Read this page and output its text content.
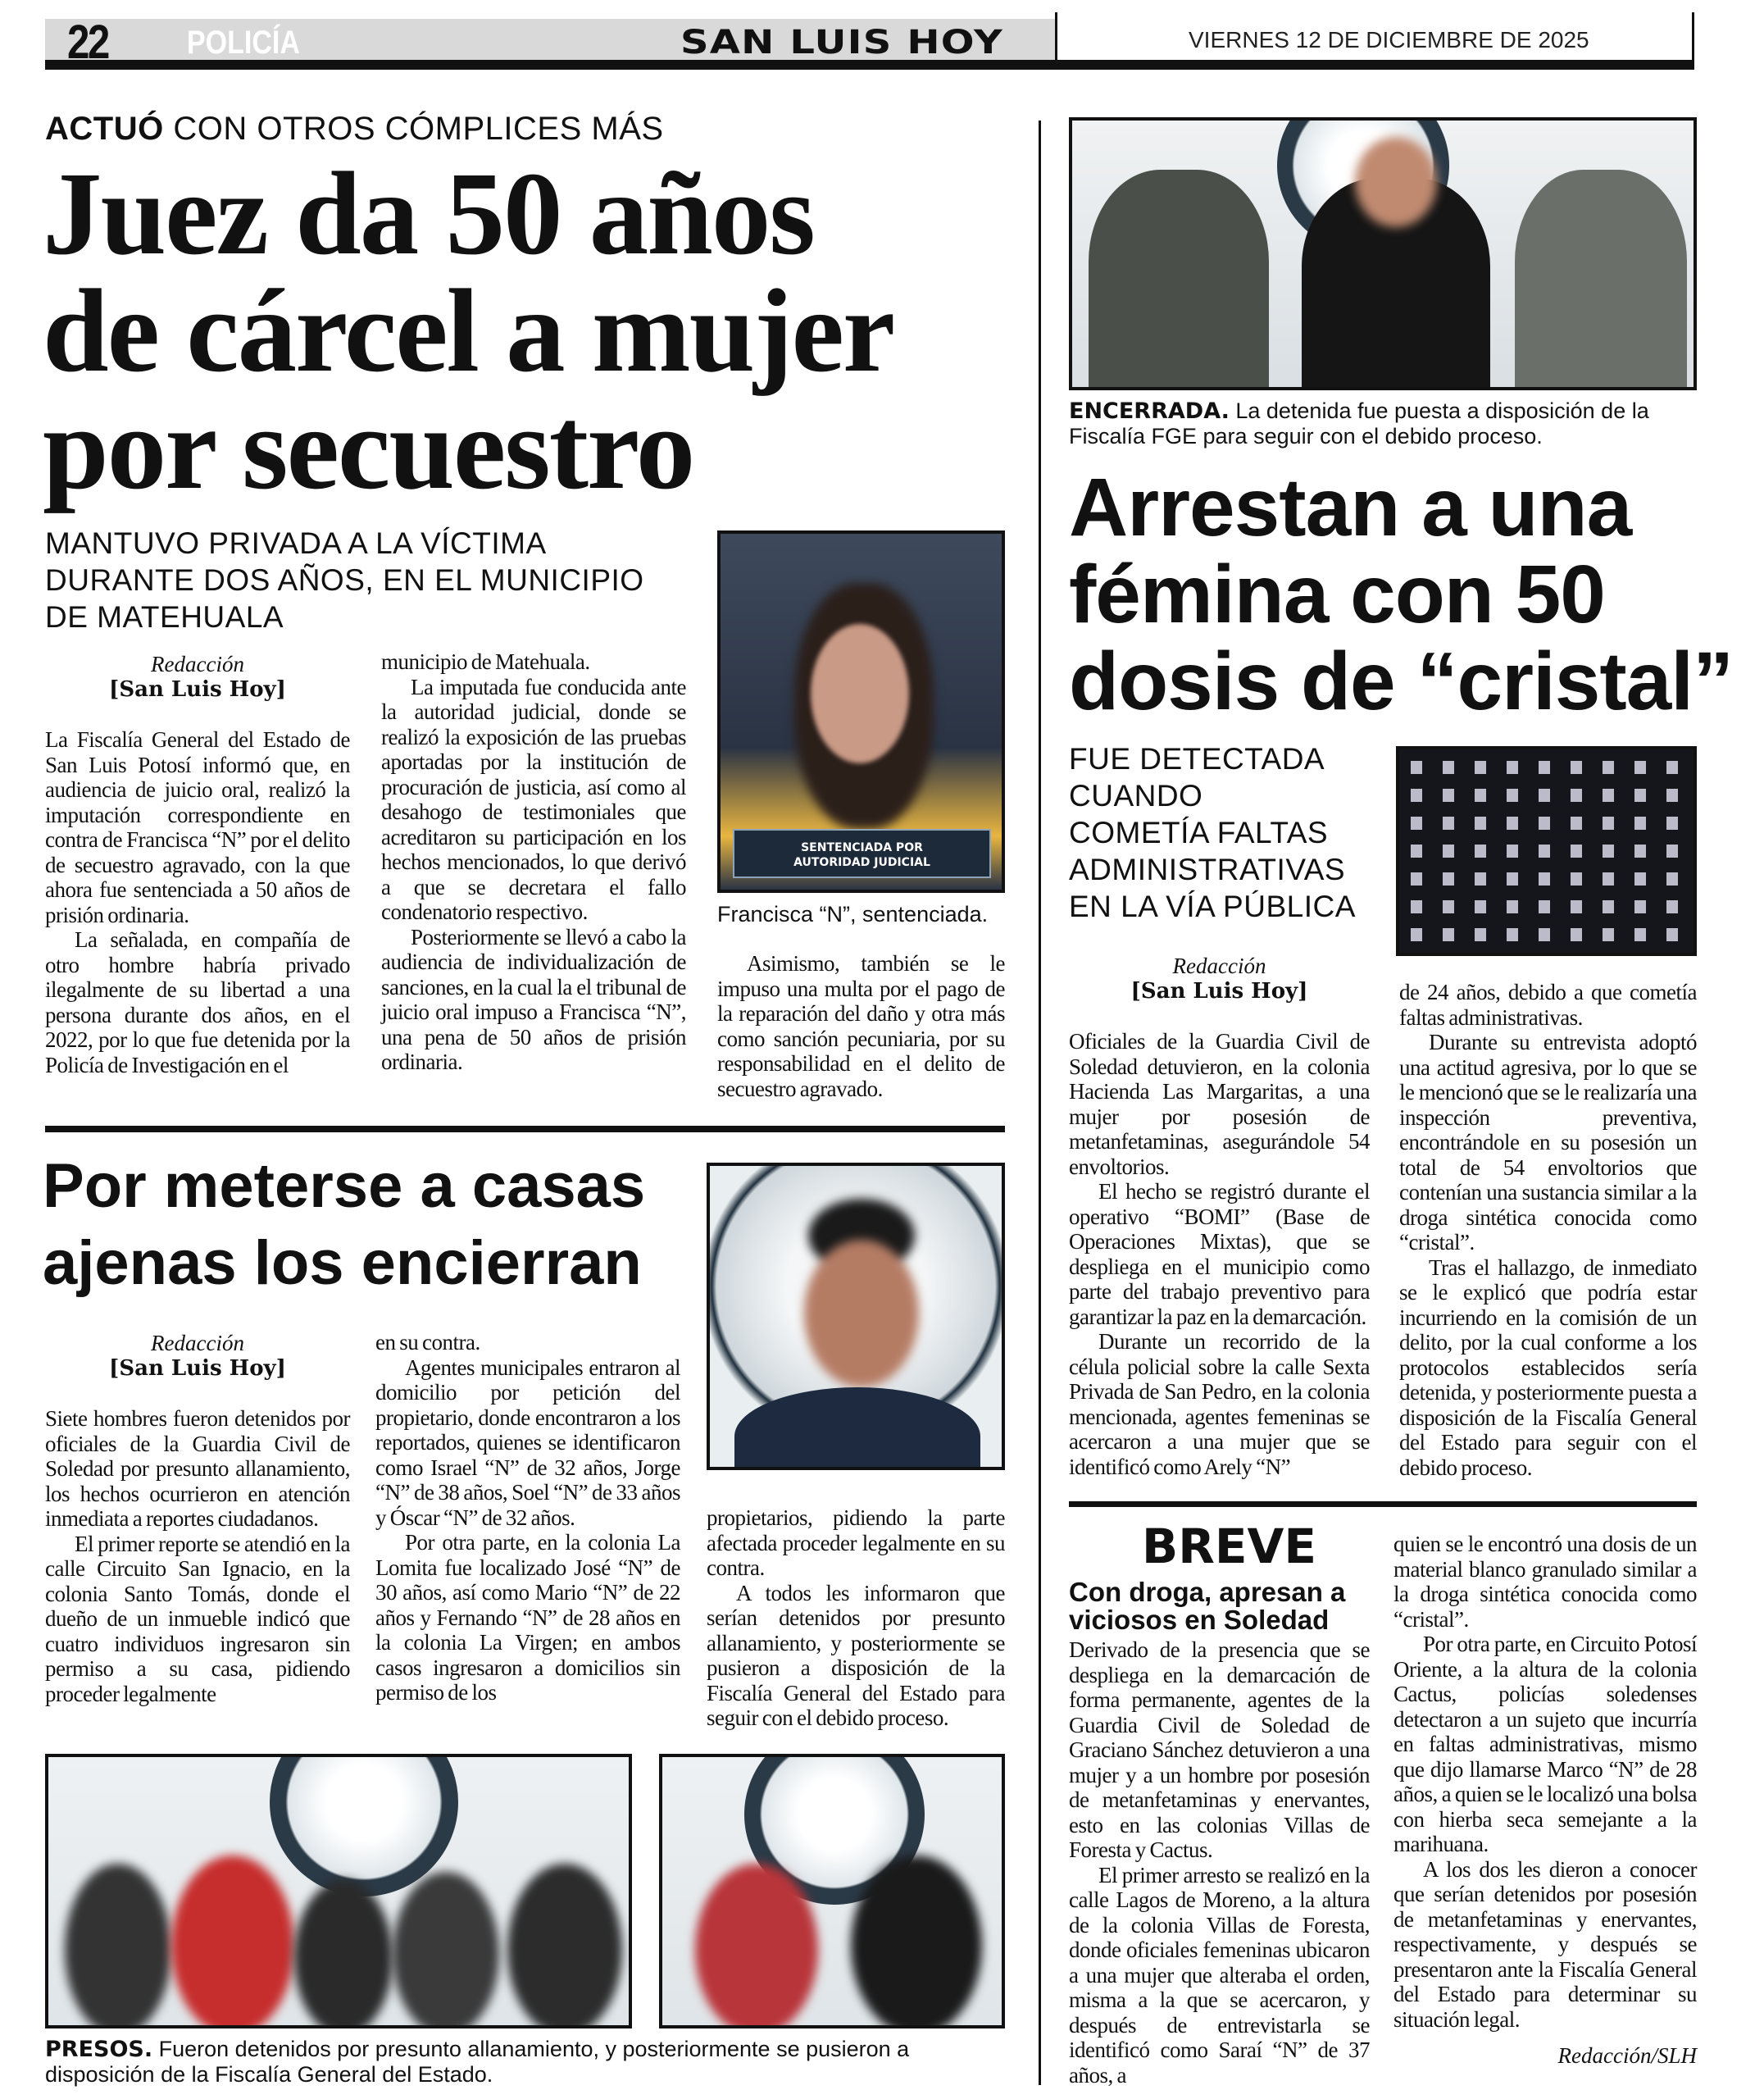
22 POLICÍA	SAN LUIS HOY	VIERNES 12 DE DICIEMBRE DE 2025
ACTUÓ CON OTROS CÓMPLICES MÁS
Juez da 50 años
de cárcel a mujer
por secuestro
MANTUVO PRIVADA A LA VÍCTIMA DURANTE DOS AÑOS, EN EL MUNICIPIO DE MATEHUALA
SENTENCIADA POR AUTORIDAD JUDICIAL
Francisca “N”, sentenciada.
Redacción
[San Luis Hoy]

La Fiscalía General del Estado de San Luis Potosí informó que, en audiencia de juicio oral, realizó la imputación correspondiente en contra de Francisca “N” por el delito de secuestro agravado, con la que ahora fue sentenciada a 50 años de prisión ordinaria.

La señalada, en compañía de otro hombre habría privado ilegalmente de su libertad a una persona durante dos años, en el 2022, por lo que fue detenida por la Policía de Investigación en el

municipio de Matehuala.

La imputada fue conducida ante la autoridad judicial, donde se realizó la exposición de las pruebas aportadas por la institución de procuración de justicia, así como al desahogo de testimoniales que acreditaron su participación en los hechos mencionados, lo que derivó a que se decretara el fallo condenatorio respectivo.

Posteriormente se llevó a cabo la audiencia de individualización de sanciones, en la cual la el tribunal de juicio oral impuso a Francisca “N”, una pena de 50 años de prisión ordinaria.

Asimismo, también se le impuso una multa por el pago de la reparación del daño y otra más como sanción pecuniaria, por su responsabilidad en el delito de secuestro agravado.

Por meterse a casas
ajenas los encierran
Redacción
[San Luis Hoy]

Siete hombres fueron detenidos por oficiales de la Guardia Civil de Soledad por presunto allanamiento, los hechos ocurrieron en atención inmediata a reportes ciudadanos.

El primer reporte se atendió en la calle Circuito San Ignacio, en la colonia Santo Tomás, donde el dueño de un inmueble indicó que cuatro individuos ingresaron sin permiso a su casa, pidiendo proceder legalmente

en su contra.

Agentes municipales entraron al domicilio por petición del propietario, donde encontraron a los reportados, quienes se identificaron como Israel “N” de 32 años, Jorge “N” de 38 años, Soel “N” de 33 años y Óscar “N” de 32 años.

Por otra parte, en la colonia La Lomita fue localizado José “N” de 30 años, así como Mario “N” de 22 años y Fernando “N” de 28 años en la colonia La Virgen; en ambos casos ingresaron a domicilios sin permiso de los

propietarios, pidiendo la parte afectada proceder legalmente en su contra.

A todos les informaron que serían detenidos por presunto allanamiento, y posteriormente se pusieron a disposición de la Fiscalía General del Estado para seguir con el debido proceso.

PRESOS. Fueron detenidos por presunto allanamiento, y posteriormente se pusieron a disposición de la Fiscalía General del Estado.
ENCERRADA. La detenida fue puesta a disposición de la Fiscalía FGE para seguir con el debido proceso.
Arrestan a una
fémina con 50
dosis de “cristal”
FUE DETECTADA
CUANDO
COMETÍA FALTAS
ADMINISTRATIVAS
EN LA VÍA PÚBLICA
Redacción
[San Luis Hoy]

Oficiales de la Guardia Civil de Soledad detuvieron, en la colonia Hacienda Las Margaritas, a una mujer por posesión de metanfetaminas, asegurándole 54 envoltorios.

El hecho se registró durante el operativo “BOMI” (Base de Operaciones Mixtas), que se despliega en el municipio como parte del trabajo preventivo para garantizar la paz en la demarcación.

Durante un recorrido de la célula policial sobre la calle Sexta Privada de San Pedro, en la colonia mencionada, agentes femeninas se acercaron a una mujer que se identificó como Arely “N”

de 24 años, debido a que cometía faltas administrativas.

Durante su entrevista adoptó una actitud agresiva, por lo que se le mencionó que se le realizaría una inspección preventiva, encontrándole en su posesión un total de 54 envoltorios que contenían una sustancia similar a la droga sintética conocida como “cristal”.

Tras el hallazgo, de inmediato se le explicó que podría estar incurriendo en la comisión de un delito, por la cual conforme a los protocolos establecidos sería detenida, y posteriormente puesta a disposición de la Fiscalía General del Estado para seguir con el debido proceso.

BREVE
Con droga, apresan a viciosos en Soledad

Derivado de la presencia que se despliega en la demarcación de forma permanente, agentes de la Guardia Civil de Soledad de Graciano Sánchez detuvieron a una mujer y a un hombre por posesión de metanfetaminas y enervantes, esto en las colonias Villas de Foresta y Cactus.

El primer arresto se realizó en la calle Lagos de Moreno, a la altura de la colonia Villas de Foresta, donde oficiales femeninas ubicaron a una mujer que alteraba el orden, misma a la que se acercaron, y después de entrevistarla se identificó como Saraí “N” de 37 años, a

quien se le encontró una dosis de un material blanco granulado similar a la droga sintética conocida como “cristal”.

Por otra parte, en Circuito Potosí Oriente, a la altura de la colonia Cactus, policías soledenses detectaron a un sujeto que incurría en faltas administrativas, mismo que dijo llamarse Marco “N” de 28 años, a quien se le localizó una bolsa con hierba seca semejante a la marihuana.

A los dos les dieron a conocer que serían detenidos por posesión de metanfetaminas y enervantes, respectivamente, y después se presentaron ante la Fiscalía General del Estado para determinar su situación legal.

Redacción/SLH
